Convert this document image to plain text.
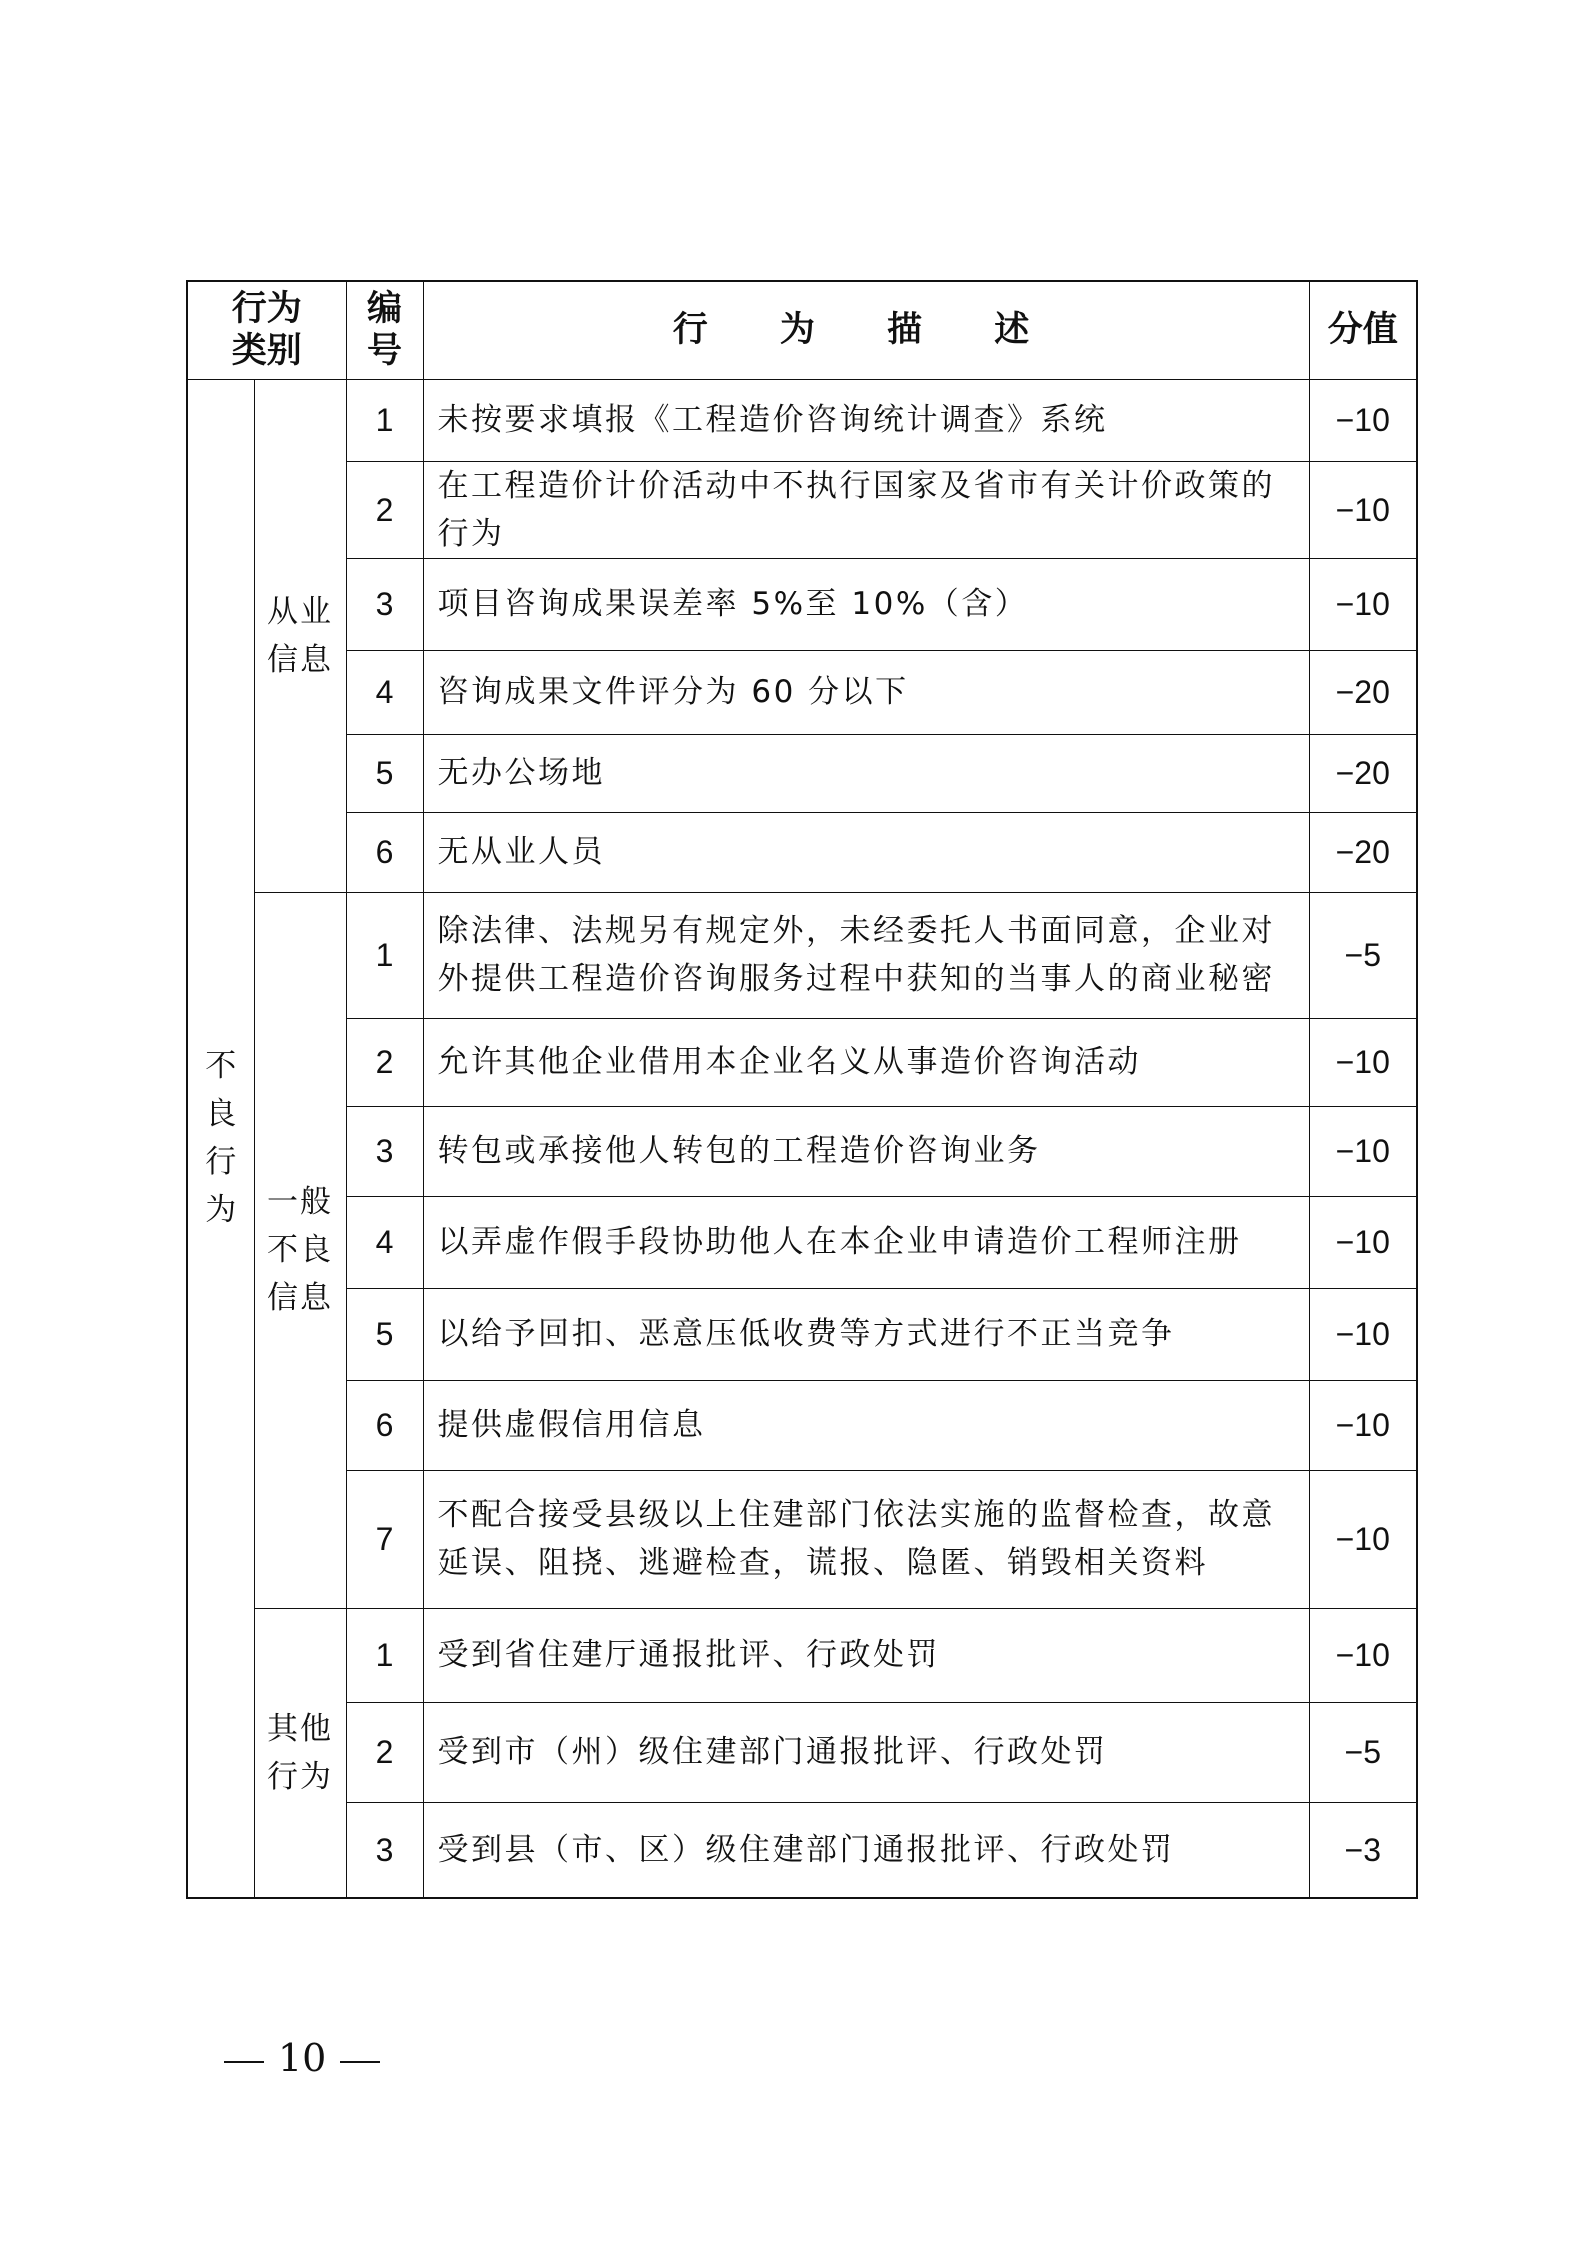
行为类别		编号	行 为 描 述	分值
不良行为	从业信息	1	未按要求填报《工程造价咨询统计调查》系统	−10
		2	在工程造价计价活动中不执行国家及省市有关计价政策的行为	−10
		3	项目咨询成果误差率 5%至 10%（含）	−10
		4	咨询成果文件评分为 60 分以下	−20
		5	无办公场地	−20
		6	无从业人员	−20
	一般不良信息	1	除法律、法规另有规定外，未经委托人书面同意，企业对外提供工程造价咨询服务过程中获知的当事人的商业秘密	−5
		2	允许其他企业借用本企业名义从事造价咨询活动	−10
		3	转包或承接他人转包的工程造价咨询业务	−10
		4	以弄虚作假手段协助他人在本企业申请造价工程师注册	−10
		5	以给予回扣、恶意压低收费等方式进行不正当竞争	−10
		6	提供虚假信用信息	−10
		7	不配合接受县级以上住建部门依法实施的监督检查，故意延误、阻挠、逃避检查，谎报、隐匿、销毁相关资料	−10
	其他行为	1	受到省住建厅通报批评、行政处罚	−10
		2	受到市（州）级住建部门通报批评、行政处罚	−5
		3	受到县（市、区）级住建部门通报批评、行政处罚	−3
10
